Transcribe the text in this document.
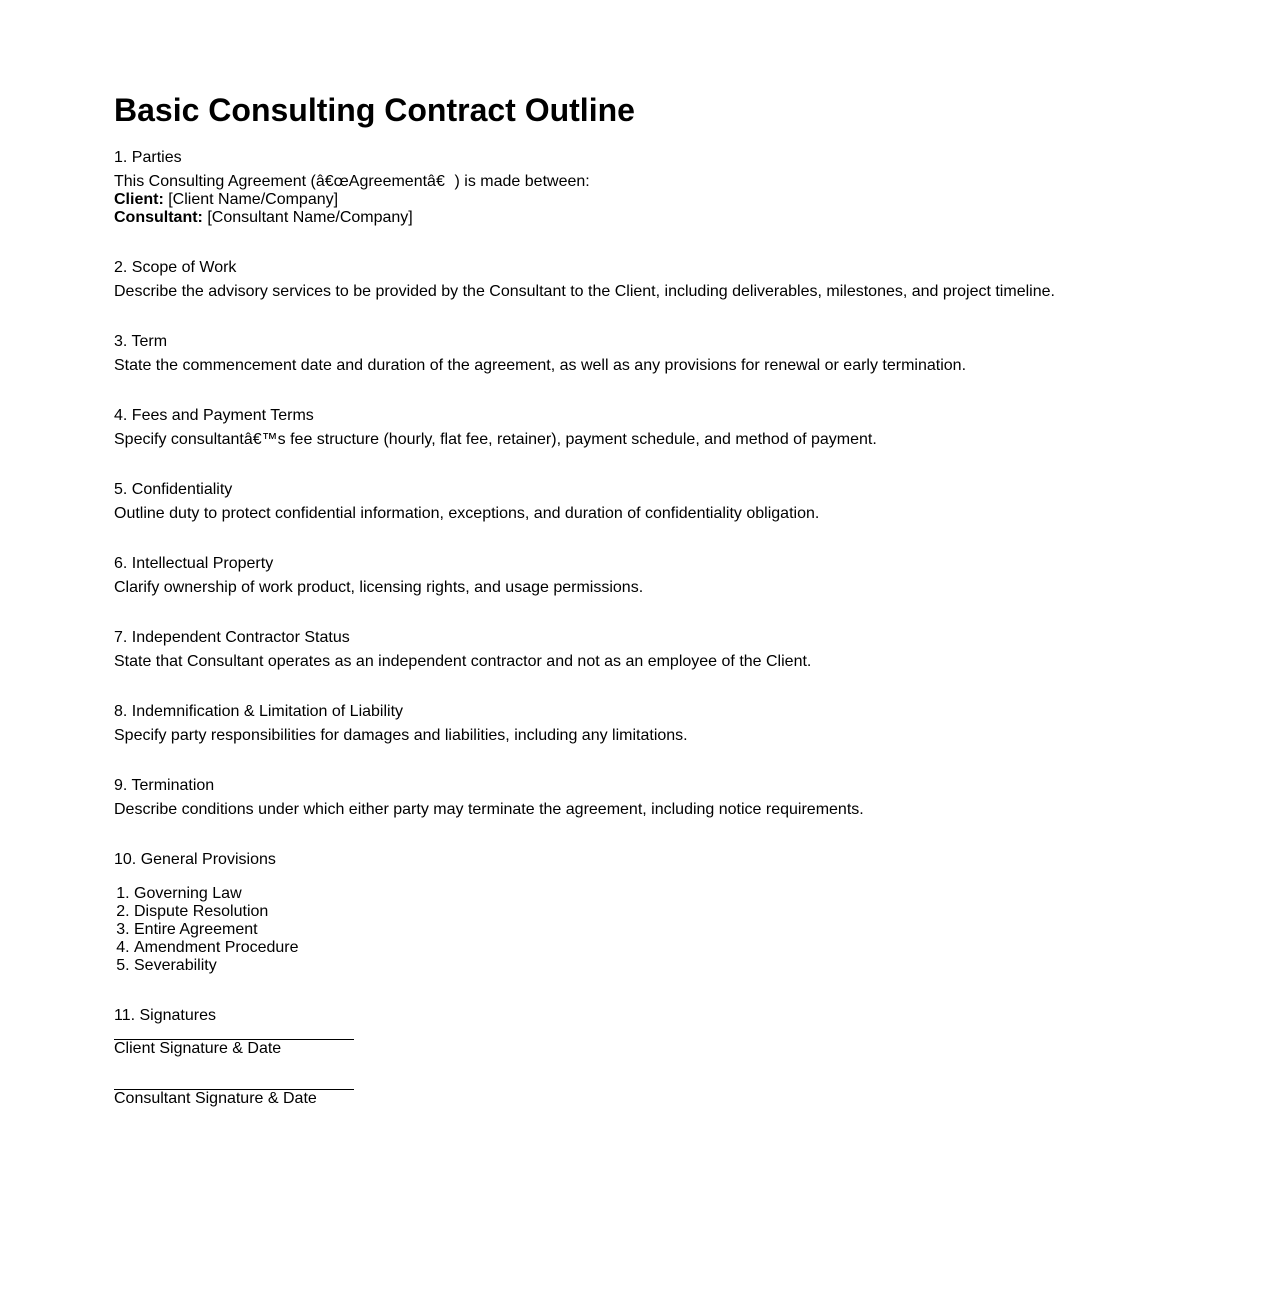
Basic Consulting Contract Outline
1. Parties
This Consulting Agreement (â€œAgreementâ€) is made between:
Client: [Client Name/Company]
Consultant: [Consultant Name/Company]
2. Scope of Work
Describe the advisory services to be provided by the Consultant to the Client, including deliverables, milestones, and project timeline.
3. Term
State the commencement date and duration of the agreement, as well as any provisions for renewal or early termination.
4. Fees and Payment Terms
Specify consultantâ€™s fee structure (hourly, flat fee, retainer), payment schedule, and method of payment.
5. Confidentiality
Outline duty to protect confidential information, exceptions, and duration of confidentiality obligation.
6. Intellectual Property
Clarify ownership of work product, licensing rights, and usage permissions.
7. Independent Contractor Status
State that Consultant operates as an independent contractor and not as an employee of the Client.
8. Indemnification & Limitation of Liability
Specify party responsibilities for damages and liabilities, including any limitations.
9. Termination
Describe conditions under which either party may terminate the agreement, including notice requirements.
10. General Provisions
1. Governing Law
2. Dispute Resolution
3. Entire Agreement
4. Amendment Procedure
5. Severability
11. Signatures
Client Signature & Date
Consultant Signature & Date
